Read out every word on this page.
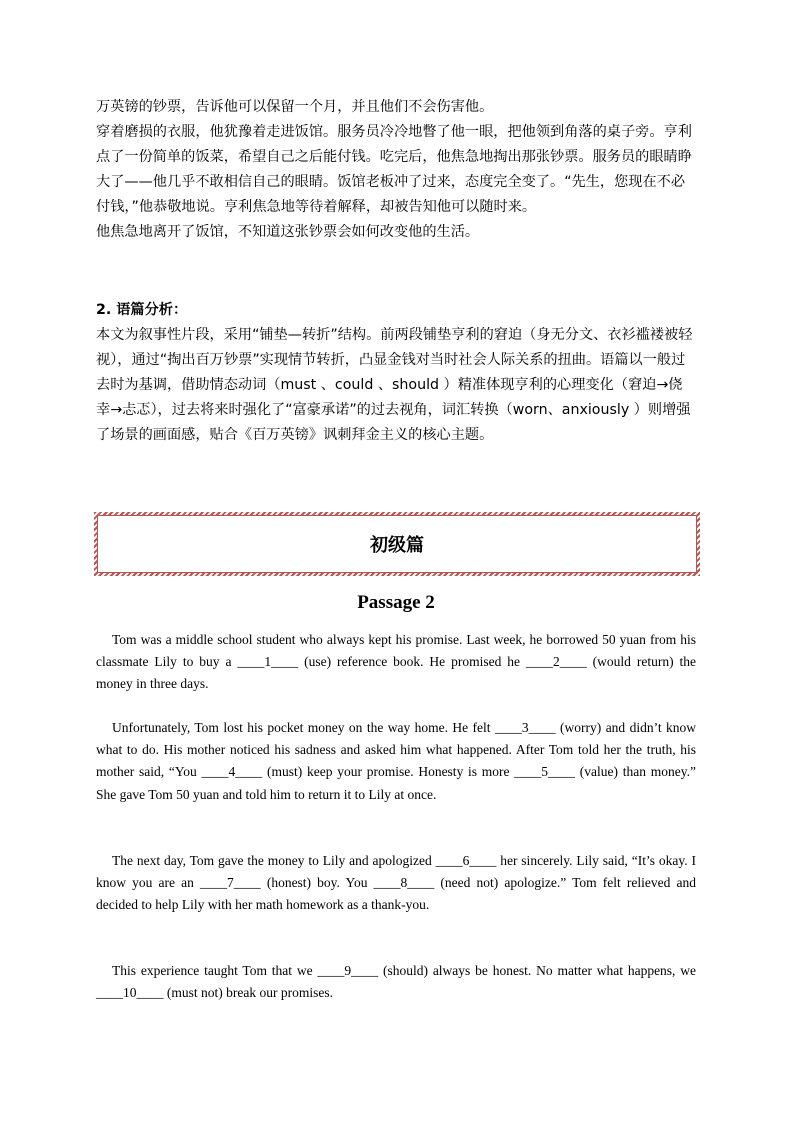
万英镑的钞票，告诉他可以保留一个月，并且他们不会伤害他。

穿着磨损的衣服，他犹豫着走进饭馆。服务员冷冷地瞥了他一眼，把他领到角落的桌子旁。亨利点了一份简单的饭菜，希望自己之后能付钱。吃完后，他焦急地掏出那张钞票。服务员的眼睛睁大了——他几乎不敢相信自己的眼睛。饭馆老板冲了过来，态度完全变了。“先生，您现在不必付钱，”他恭敬地说。亨利焦急地等待着解释，却被告知他可以随时来。

他焦急地离开了饭馆，不知道这张钞票会如何改变他的生活。

2. 语篇分析：

本文为叙事性片段，采用“铺垫—转折”结构。前两段铺垫亨利的窘迫（身无分文、衣衫褴褛被轻视），通过“掏出百万钞票”实现情节转折，凸显金钱对当时社会人际关系的扭曲。语篇以一般过去时为基调，借助情态动词（must 、could 、should ）精准体现亨利的心理变化（窘迫→侥幸→忐忑），过去将来时强化了“富豪承诺”的过去视角，词汇转换（worn、anxiously ）则增强了场景的画面感，贴合《百万英镑》讽刺拜金主义的核心主题。

初级篇
Passage 2

Tom was a middle school student who always kept his promise. Last week, he borrowed 50 yuan from his classmate Lily to buy a ____1____ (use) reference book. He promised he ____2____ (would return) the money in three days.

Unfortunately, Tom lost his pocket money on the way home. He felt ____3____ (worry) and didn’t know what to do. His mother noticed his sadness and asked him what happened. After Tom told her the truth, his mother said, “You ____4____ (must) keep your promise. Honesty is more ____5____ (value) than money.” She gave Tom 50 yuan and told him to return it to Lily at once.

The next day, Tom gave the money to Lily and apologized ____6____ her sincerely. Lily said, “It’s okay. I know you are an ____7____ (honest) boy. You ____8____ (need not) apologize.” Tom felt relieved and decided to help Lily with her math homework as a thank-you.

This experience taught Tom that we ____9____ (should) always be honest. No matter what happens, we ____10____ (must not) break our promises.
